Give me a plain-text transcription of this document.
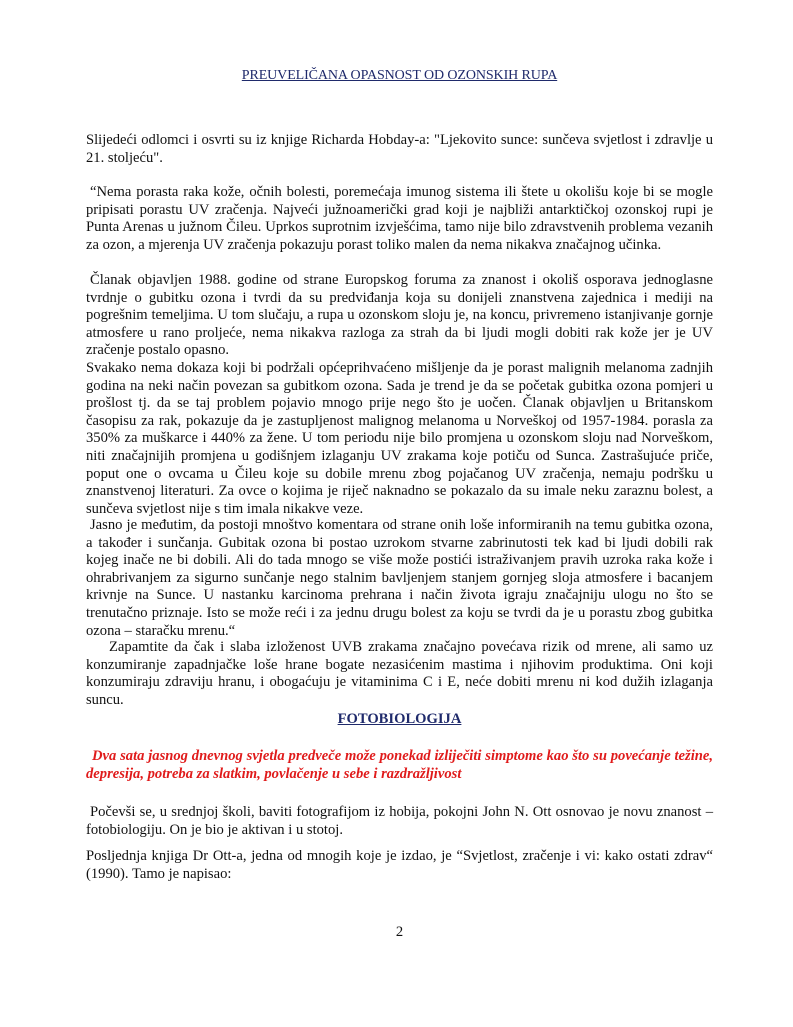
PREUVELIČANA OPASNOST OD OZONSKIH RUPA

Slijedeći odlomci i osvrti su iz knjige Richarda Hobday-a: "Ljekovito sunce: sunčeva svjetlost i zdravlje u 21. stoljeću".

“Nema porasta raka kože, očnih bolesti, poremećaja imunog sistema ili štete u okolišu koje bi se mogle pripisati porastu UV zračenja. Najveći južnoamerički grad koji je najbliži antarktičkoj ozonskoj rupi je Punta Arenas u južnom Čileu. Uprkos suprotnim izvješćima, tamo nije bilo zdravstvenih problema vezanih za ozon, a mjerenja UV zračenja pokazuju porast toliko malen da nema nikakva značajnog učinka.

Članak objavljen 1988. godine od strane Europskog foruma za znanost i okoliš osporava jednoglasne tvrdnje o gubitku ozona i tvrdi da su predviđanja koja su donijeli znanstvena zajednica i mediji na pogrešnim temeljima. U tom slučaju, a rupa u ozonskom sloju je, na koncu, privremeno istanjivanje gornje atmosfere u rano proljeće, nema nikakva razloga za strah da bi ljudi mogli dobiti rak kože jer je UV zračenje postalo opasno.

Svakako nema dokaza koji bi podržali općeprihvaćeno mišljenje da je porast malignih melanoma zadnjih godina na neki način povezan sa gubitkom ozona. Sada je trend je da se početak gubitka ozona pomjeri u prošlost tj. da se taj problem pojavio mnogo prije nego što je uočen. Članak objavljen u Britanskom časopisu za rak, pokazuje da je zastupljenost malignog melanoma u Norveškoj od 1957-1984. porasla za 350% za muškarce i 440% za žene. U tom periodu nije bilo promjena u ozonskom sloju nad Norveškom, niti značajnijih promjena u godišnjem izlaganju UV zrakama koje potiču od Sunca. Zastrašujuće priče, poput one o ovcama u Čileu koje su dobile mrenu zbog pojačanog UV zračenja, nemaju podršku u znanstvenoj literaturi. Za ovce o kojima je riječ naknadno se pokazalo da su imale neku zaraznu bolest, a sunčeva svjetlost nije s tim imala nikakve veze.

Jasno je međutim, da postoji mnoštvo komentara od strane onih loše informiranih na temu gubitka ozona, a također i sunčanja. Gubitak ozona bi postao uzrokom stvarne zabrinutosti tek kad bi ljudi dobili rak kojeg inače ne bi dobili. Ali do tada mnogo se više može postići istraživanjem pravih uzroka raka kože i ohrabrivanjem za sigurno sunčanje nego stalnim bavljenjem stanjem gornjeg sloja atmosfere i bacanjem krivnje na Sunce. U nastanku karcinoma prehrana i način života igraju značajniju ulogu no što se trenutačno priznaje. Isto se može reći i za jednu drugu bolest za koju se tvrdi da je u porastu zbog gubitka ozona – staračku mrenu.“

Zapamtite da čak i slaba izloženost UVB zrakama značajno povećava rizik od mrene, ali samo uz konzumiranje zapadnjačke loše hrane bogate nezasićenim mastima i njihovim produktima. Oni koji konzumiraju zdraviju hranu, i obogaćuju je vitaminima C i E, neće dobiti mrenu ni kod dužih izlaganja suncu.

FOTOBIOLOGIJA

Dva sata jasnog dnevnog svjetla predveče može ponekad izliječiti simptome kao što su povećanje težine, depresija, potreba za slatkim, povlačenje u sebe i razdražljivost

Počevši se, u srednjoj školi, baviti fotografijom iz hobija, pokojni John N. Ott osnovao je novu znanost – fotobiologiju. On je bio je aktivan i u stotoj.

Posljednja knjiga Dr Ott-a, jedna od mnogih koje je izdao, je “Svjetlost, zračenje i vi: kako ostati zdrav“ (1990). Tamo je napisao:

2
